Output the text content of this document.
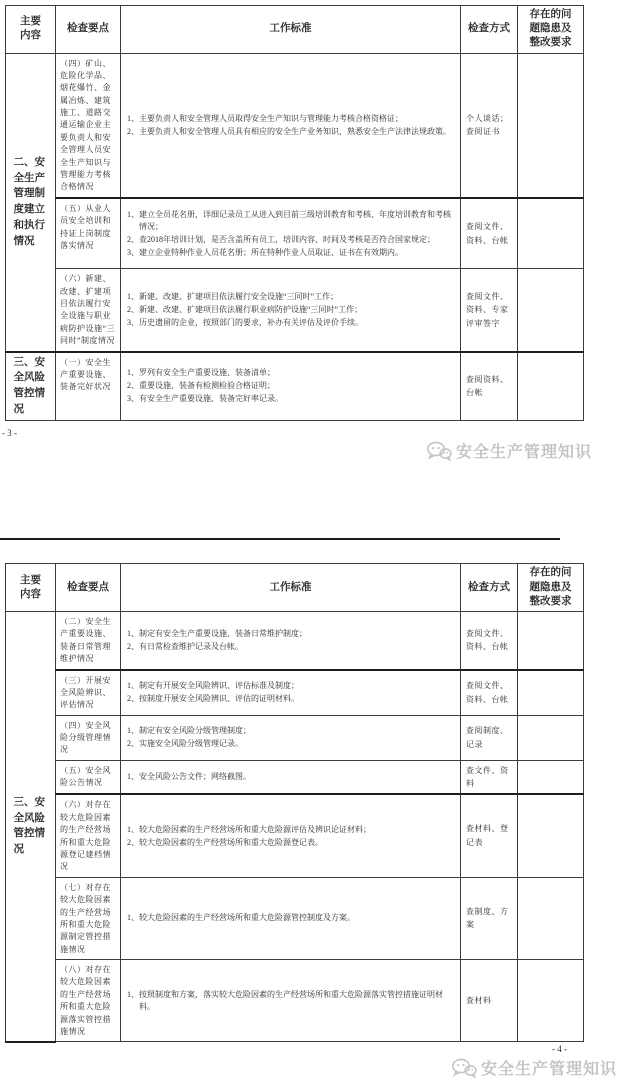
主要内容	检查要点	工作标准	检查方式	存在的问题隐患及整改要求

二、安全生产管理制度建立和执行情况	（四）矿山、危险化学品、烟花爆竹、金属冶炼、建筑施工、道路交通运输企业主要负责人和安全管理人员安全生产知识与管理能力考核合格情况	1、主要负责人和安全管理人员取得安全生产知识与管理能力考核合格资格证；
2、主要负责人和安全管理人员具有相应的安全生产业务知识，熟悉安全生产法律法规政策。	个人谈话；查阅证书	
	（五）从业人员安全培训和持证上岗制度落实情况	1、建立全员花名册，详细记录员工从进入到目前三级培训教育和考核、年度培训教育和考核情况；
2、查2018年培训计划，是否含盖所有员工，培训内容、时间及考核是否符合国家规定；
3、建立企业特种作业人员花名册；所在特种作业人员取证、证书在有效期内。	查阅文件、资料、台帐	
	（六）新建、改建、扩建项目依法履行安全设施与职业病防护设施“三同时”制度情况	1、新建、改建、扩建项目依法履行安全设施“三同时”工作；
2、新建、改建、扩建项目依法履行职业病防护设施“三同时”工作；
3、历史遗留的企业，按照部门的要求，补办有关评估及评价手续。	查阅文件、资料、专家评审签字	

三、安全风险管控情况	（一）安全生产重要设施、装备完好状况	1、罗列有安全生产重要设施、装备清单；
2、重要设施、装备有检测检验合格证明；
3、有安全生产重要设施、装备完好率记录。	查阅资料、台帐	
- 3 -
安全生产管理知识
主要内容	检查要点	工作标准	检查方式	存在的问题隐患及整改要求

三、安全风险管控情况	（二）安全生产重要设施、装备日常管理维护情况	1、制定有安全生产重要设施、装备日常维护制度；
2、有日常检查维护记录及台帐。	查阅文件、资料、台帐	
	（三）开展安全风险辨识、评估情况	1、制定有开展安全风险辨识、评估标准及制度；
2、按制度开展安全风险辨识、评估的证明材料。	查阅文件、资料、台帐	
	（四）安全风险分级管理情况	1、制定有安全风险分级管理制度；
2、实施安全风险分级管理记录。	查阅制度、记录	
	（五）安全风险公告情况	1、安全风险公告文件；网络截图。	查文件、资料	
	（六）对存在较大危险因素的生产经营场所和重大危险源登记建档情况	1、较大危险因素的生产经营场所和重大危险源评估及辨识论证材料；
2、较大危险因素的生产经营场所和重大危险源登记表。	查材料、登记表	
	（七）对存在较大危险因素的生产经营场所和重大危险源制定管控措施情况	1、较大危险因素的生产经营场所和重大危险源管控制度及方案。	查制度、方案	
	（八）对存在较大危险因素的生产经营场所和重大危险源落实管控措施情况	1、按照制度和方案，落实较大危险因素的生产经营场所和重大危险源落实管控措施证明材料。	查材料	
- 4 -
安全生产管理知识
